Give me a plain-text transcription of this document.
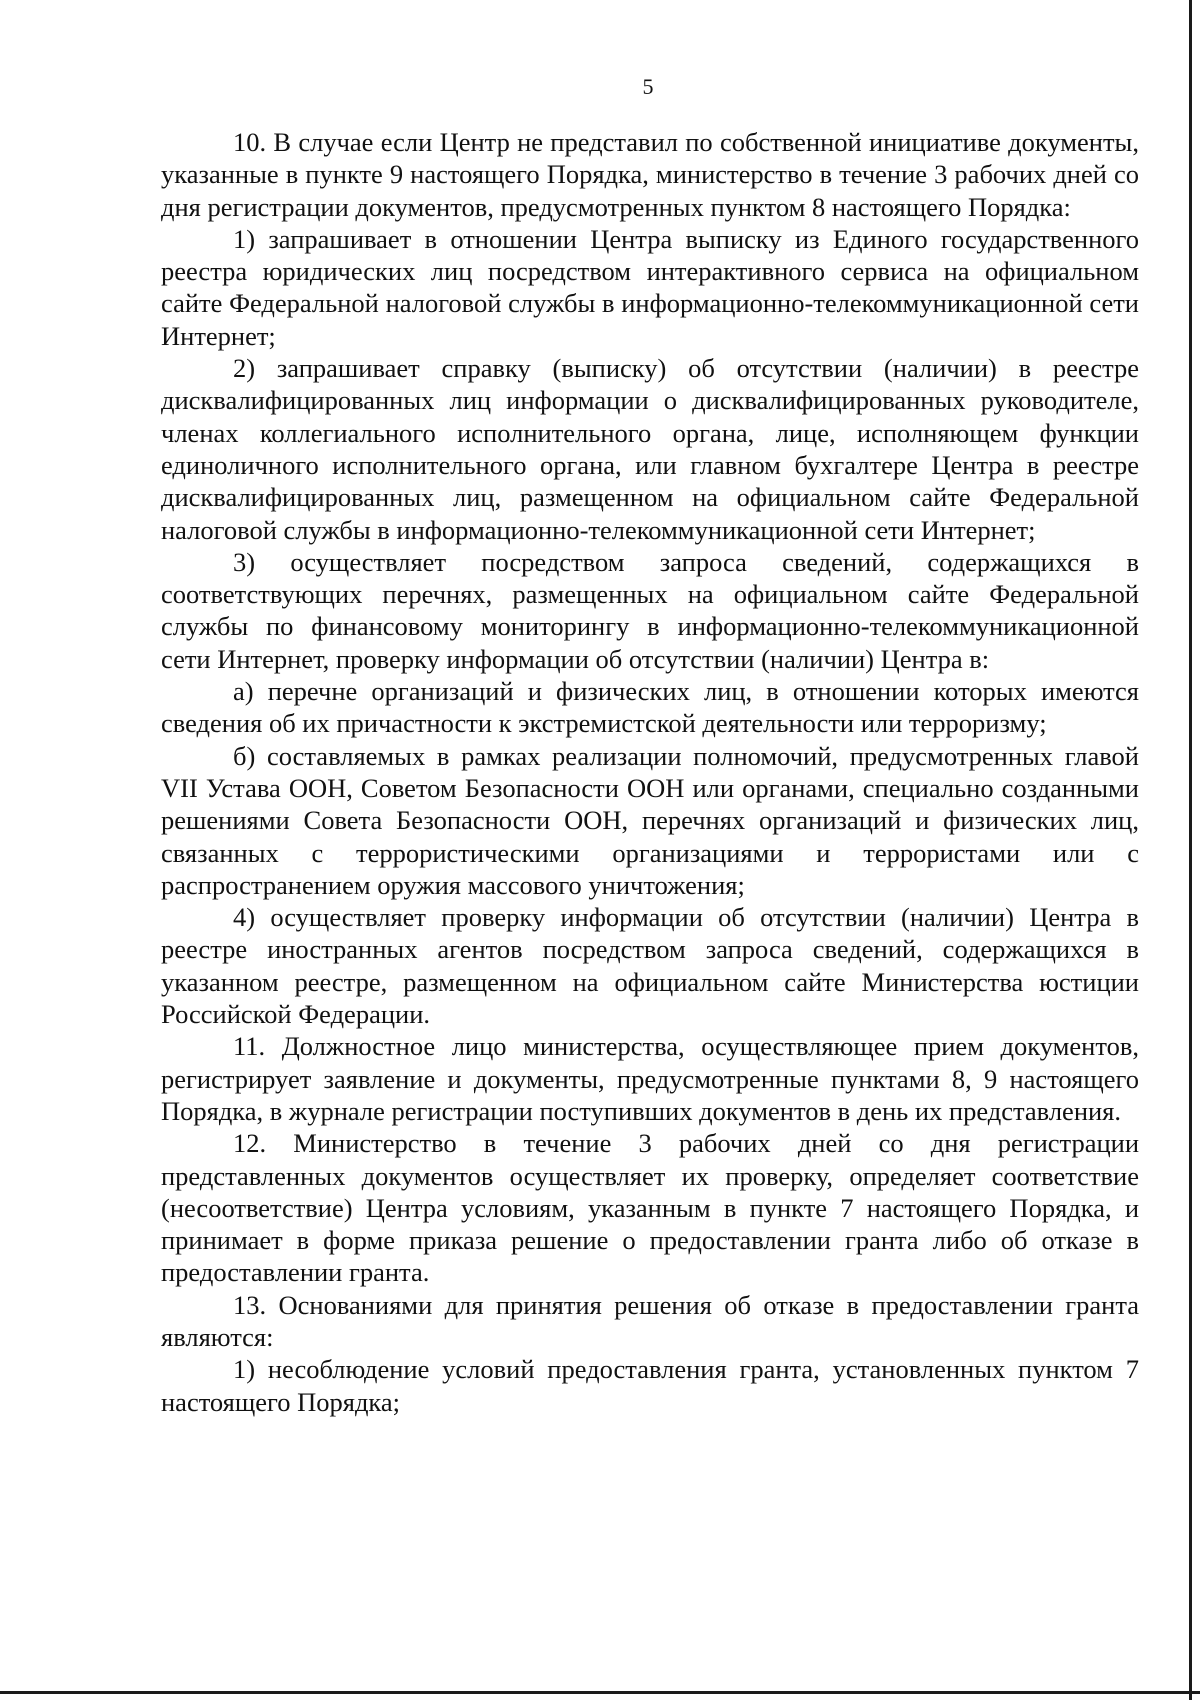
5

10. В случае если Центр не представил по собственной инициативе документы, указанные в пункте 9 настоящего Порядка, министерство в течение 3 рабочих дней со дня регистрации документов, предусмотренных пунктом 8 настоящего Порядка:

1) запрашивает в отношении Центра выписку из Единого государственного реестра юридических лиц посредством интерактивного сервиса на официальном сайте Федеральной налоговой службы в информационно-телекоммуникационной сети Интернет;

2) запрашивает справку (выписку) об отсутствии (наличии) в реестре дисквалифицированных лиц информации о дисквалифицированных руководителе, членах коллегиального исполнительного органа, лице, исполняющем функции единоличного исполнительного органа, или главном бухгалтере Центра в реестре дисквалифицированных лиц, размещенном на официальном сайте Федеральной налоговой службы в информационно-телекоммуникационной сети Интернет;

3) осуществляет посредством запроса сведений, содержащихся в соответствующих перечнях, размещенных на официальном сайте Федеральной службы по финансовому мониторингу в информационно-телекоммуникационной сети Интернет, проверку информации об отсутствии (наличии) Центра в:

а) перечне организаций и физических лиц, в отношении которых имеются сведения об их причастности к экстремистской деятельности или терроризму;

б) составляемых в рамках реализации полномочий, предусмотренных главой VII Устава ООН, Советом Безопасности ООН или органами, специально созданными решениями Совета Безопасности ООН, перечнях организаций и физических лиц, связанных с террористическими организациями и террористами или с распространением оружия массового уничтожения;

4) осуществляет проверку информации об отсутствии (наличии) Центра в реестре иностранных агентов посредством запроса сведений, содержащихся в указанном реестре, размещенном на официальном сайте Министерства юстиции Российской Федерации.

11. Должностное лицо министерства, осуществляющее прием документов, регистрирует заявление и документы, предусмотренные пунктами 8, 9 настоящего Порядка, в журнале регистрации поступивших документов в день их представления.

12. Министерство в течение 3 рабочих дней со дня регистрации представленных документов осуществляет их проверку, определяет соответствие (несоответствие) Центра условиям, указанным в пункте 7 настоящего Порядка, и принимает в форме приказа решение о предоставлении гранта либо об отказе в предоставлении гранта.

13. Основаниями для принятия решения об отказе в предоставлении гранта являются:

1) несоблюдение условий предоставления гранта, установленных пунктом 7 настоящего Порядка;
